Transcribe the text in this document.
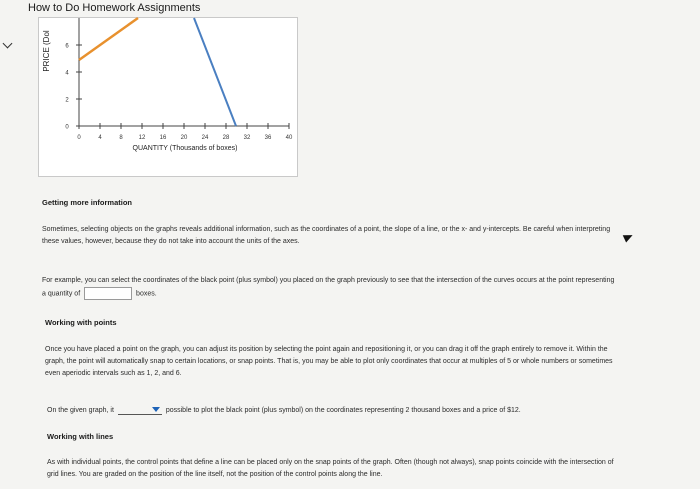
How to Do Homework Assignments
0
2
4
6
0	4	8	12 16 20 24 28 32 36 40
PRICE (Dol
QUANTITY (Thousands of boxes)
Getting more information
Sometimes, selecting objects on the graphs reveals additional information, such as the coordinates of a point, the slope of a line, or the x- and y-intercepts. Be careful when interpreting these values, however, because they do not take into account the units of the axes.
For example, you can select the coordinates of the black point (plus symbol) you placed on the graph previously to see that the intersection of the curves occurs at the point representing a quantity of	boxes.
Working with points
Once you have placed a point on the graph, you can adjust its position by selecting the point again and repositioning it, or you can drag it off the graph entirely to remove it. Within the graph, the point will automatically snap to certain locations, or snap points. That is, you may be able to plot only coordinates that occur at multiples of 5 or whole numbers or sometimes even aperiodic intervals such as 1, 2, and 6.
On the given graph, it	possible to plot the black point (plus symbol) on the coordinates representing 2 thousand boxes and a price of $12.
Working with lines
As with individual points, the control points that define a line can be placed only on the snap points of the graph. Often (though not always), snap points coincide with the intersection of grid lines. You are graded on the position of the line itself, not the position of the control points along the line.
